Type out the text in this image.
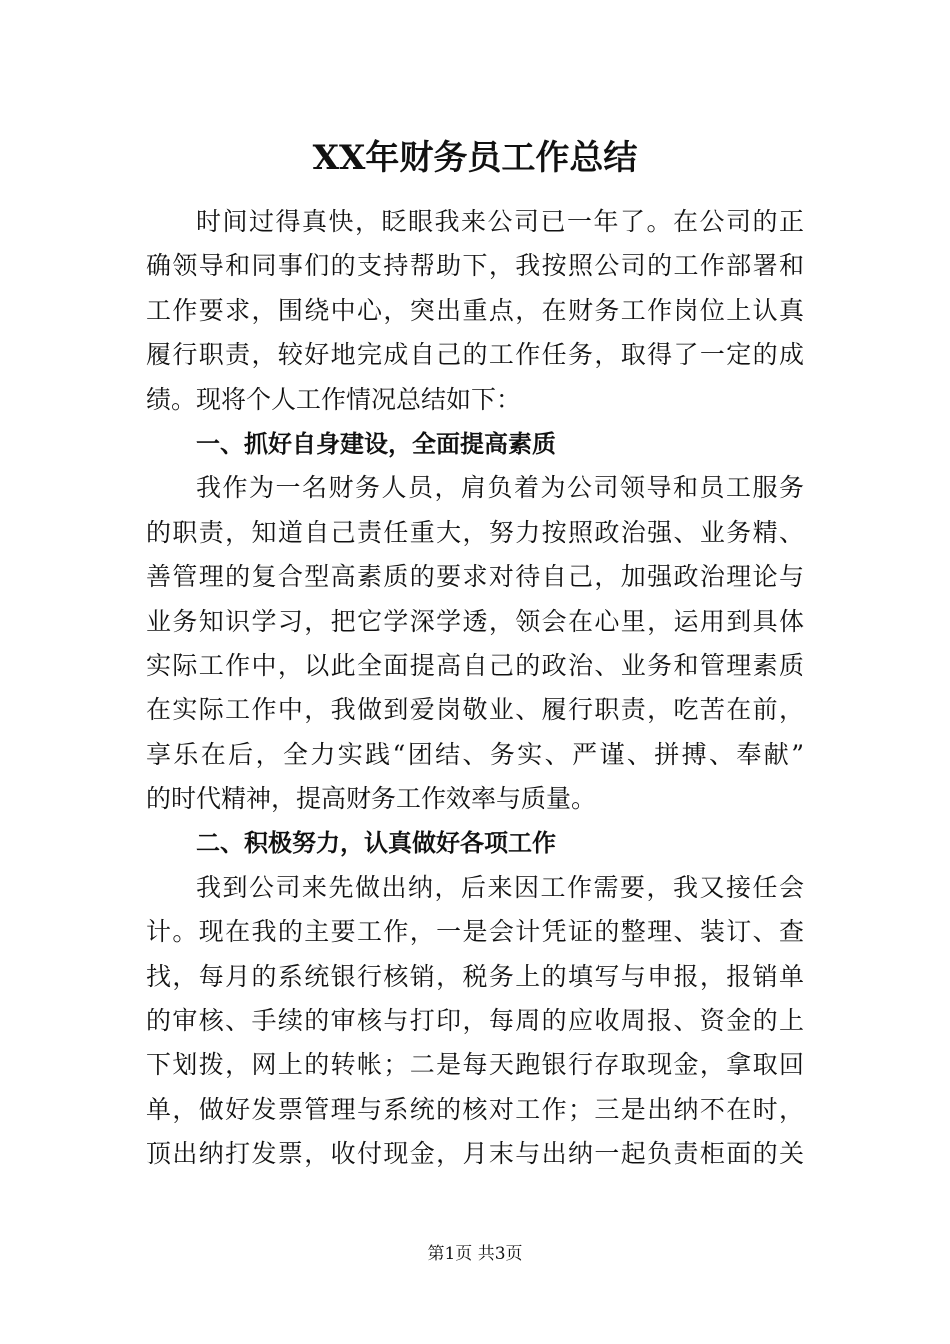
XX年财务员工作总结
时间过得真快，眨眼我来公司已一年了。在公司的正
确领导和同事们的支持帮助下，我按照公司的工作部署和
工作要求，围绕中心，突出重点，在财务工作岗位上认真
履行职责，较好地完成自己的工作任务，取得了一定的成
绩。现将个人工作情况总结如下：
一、抓好自身建设，全面提高素质
我作为一名财务人员，肩负着为公司领导和员工服务
的职责，知道自己责任重大，努力按照政治强、业务精、
善管理的复合型高素质的要求对待自己，加强政治理论与
业务知识学习，把它学深学透，领会在心里，运用到具体
实际工作中，以此全面提高自己的政治、业务和管理素质
在实际工作中，我做到爱岗敬业、履行职责，吃苦在前，
享乐在后，全力实践“团结、务实、严谨、拼搏、奉献”
的时代精神，提高财务工作效率与质量。
二、积极努力，认真做好各项工作
我到公司来先做出纳，后来因工作需要，我又接任会
计。现在我的主要工作，一是会计凭证的整理、装订、查
找，每月的系统银行核销，税务上的填写与申报，报销单
的审核、手续的审核与打印，每周的应收周报、资金的上
下划拨，网上的转帐；二是每天跑银行存取现金，拿取回
单，做好发票管理与系统的核对工作；三是出纳不在时，
顶出纳打发票，收付现金，月末与出纳一起负责柜面的关
第1页 共3页
